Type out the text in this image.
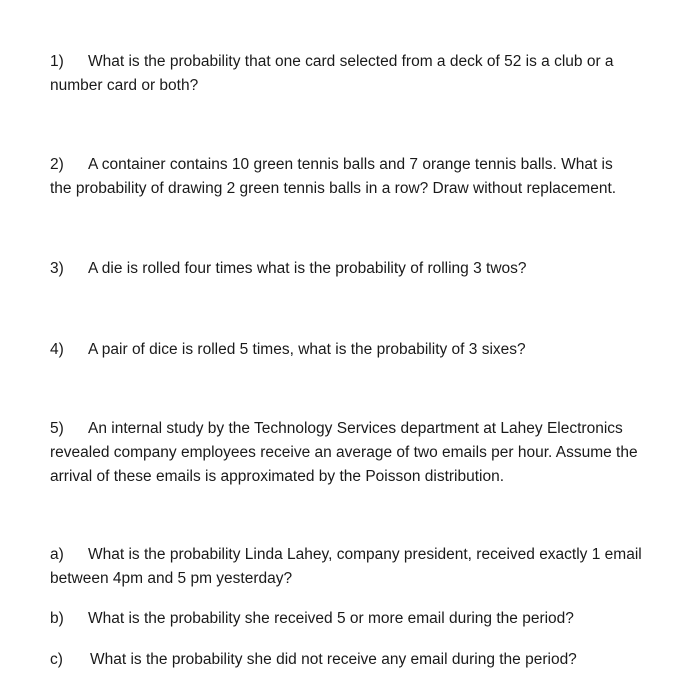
1) What is the probability that one card selected from a deck of 52 is a club or a
number card or both?

2) A container contains 10 green tennis balls and 7 orange tennis balls. What is
the probability of drawing 2 green tennis balls in a row? Draw without replacement.

3) A die is rolled four times what is the probability of rolling 3 twos?

4) A pair of dice is rolled 5 times, what is the probability of 3 sixes?

5) An internal study by the Technology Services department at Lahey Electronics
revealed company employees receive an average of two emails per hour. Assume the
arrival of these emails is approximated by the Poisson distribution.

a) What is the probability Linda Lahey, company president, received exactly 1 email
between 4pm and 5 pm yesterday?

b) What is the probability she received 5 or more email during the period?

c) What is the probability she did not receive any email during the period?
